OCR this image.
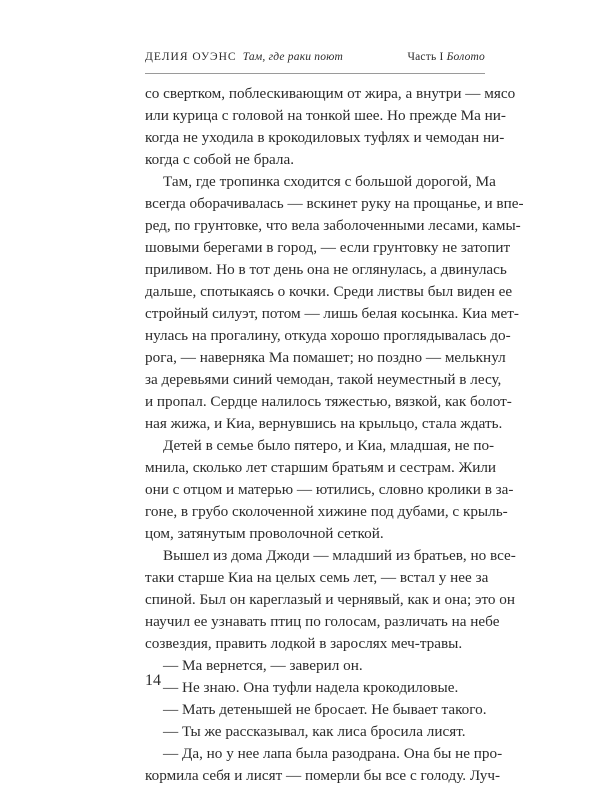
ДЕЛИЯ ОУЭНС Там, где раки поют	Часть I Болото
со свертком, поблескивающим от жира, а внутри — мясо
или курица с головой на тонкой шее. Но прежде Ма ни-
когда не уходила в крокодиловых туфлях и чемодан ни-
когда с собой не брала.
Там, где тропинка сходится с большой дорогой, Ма
всегда оборачивалась — вскинет руку на прощанье, и впе-
ред, по грунтовке, что вела заболоченными лесами, камы-
шовыми берегами в город, — если грунтовку не затопит
приливом. Но в тот день она не оглянулась, а двинулась
дальше, спотыкаясь о кочки. Среди листвы был виден ее
стройный силуэт, потом — лишь белая косынка. Киа мет-
нулась на прогалину, откуда хорошо проглядывалась до-
рога, — наверняка Ма помашет; но поздно — мелькнул
за деревьями синий чемодан, такой неуместный в лесу,
и пропал. Сердце налилось тяжестью, вязкой, как болот-
ная жижа, и Киа, вернувшись на крыльцо, стала ждать.
Детей в семье было пятеро, и Киа, младшая, не по-
мнила, сколько лет старшим братьям и сестрам. Жили
они с отцом и матерью — ютились, словно кролики в за-
гоне, в грубо сколоченной хижине под дубами, с крыль-
цом, затянутым проволочной сеткой.
Вышел из дома Джоди — младший из братьев, но все-
таки старше Киа на целых семь лет, — встал у нее за
спиной. Был он кареглазый и чернявый, как и она; это он
научил ее узнавать птиц по голосам, различать на небе
созвездия, править лодкой в зарослях меч-травы.
— Ма вернется, — заверил он.
— Не знаю. Она туфли надела крокодиловые.
— Мать детенышей не бросает. Не бывает такого.
— Ты же рассказывал, как лиса бросила лисят.
— Да, но у нее лапа была разодрана. Она бы не про-
кормила себя и лисят — померли бы все с голоду. Луч-
14
